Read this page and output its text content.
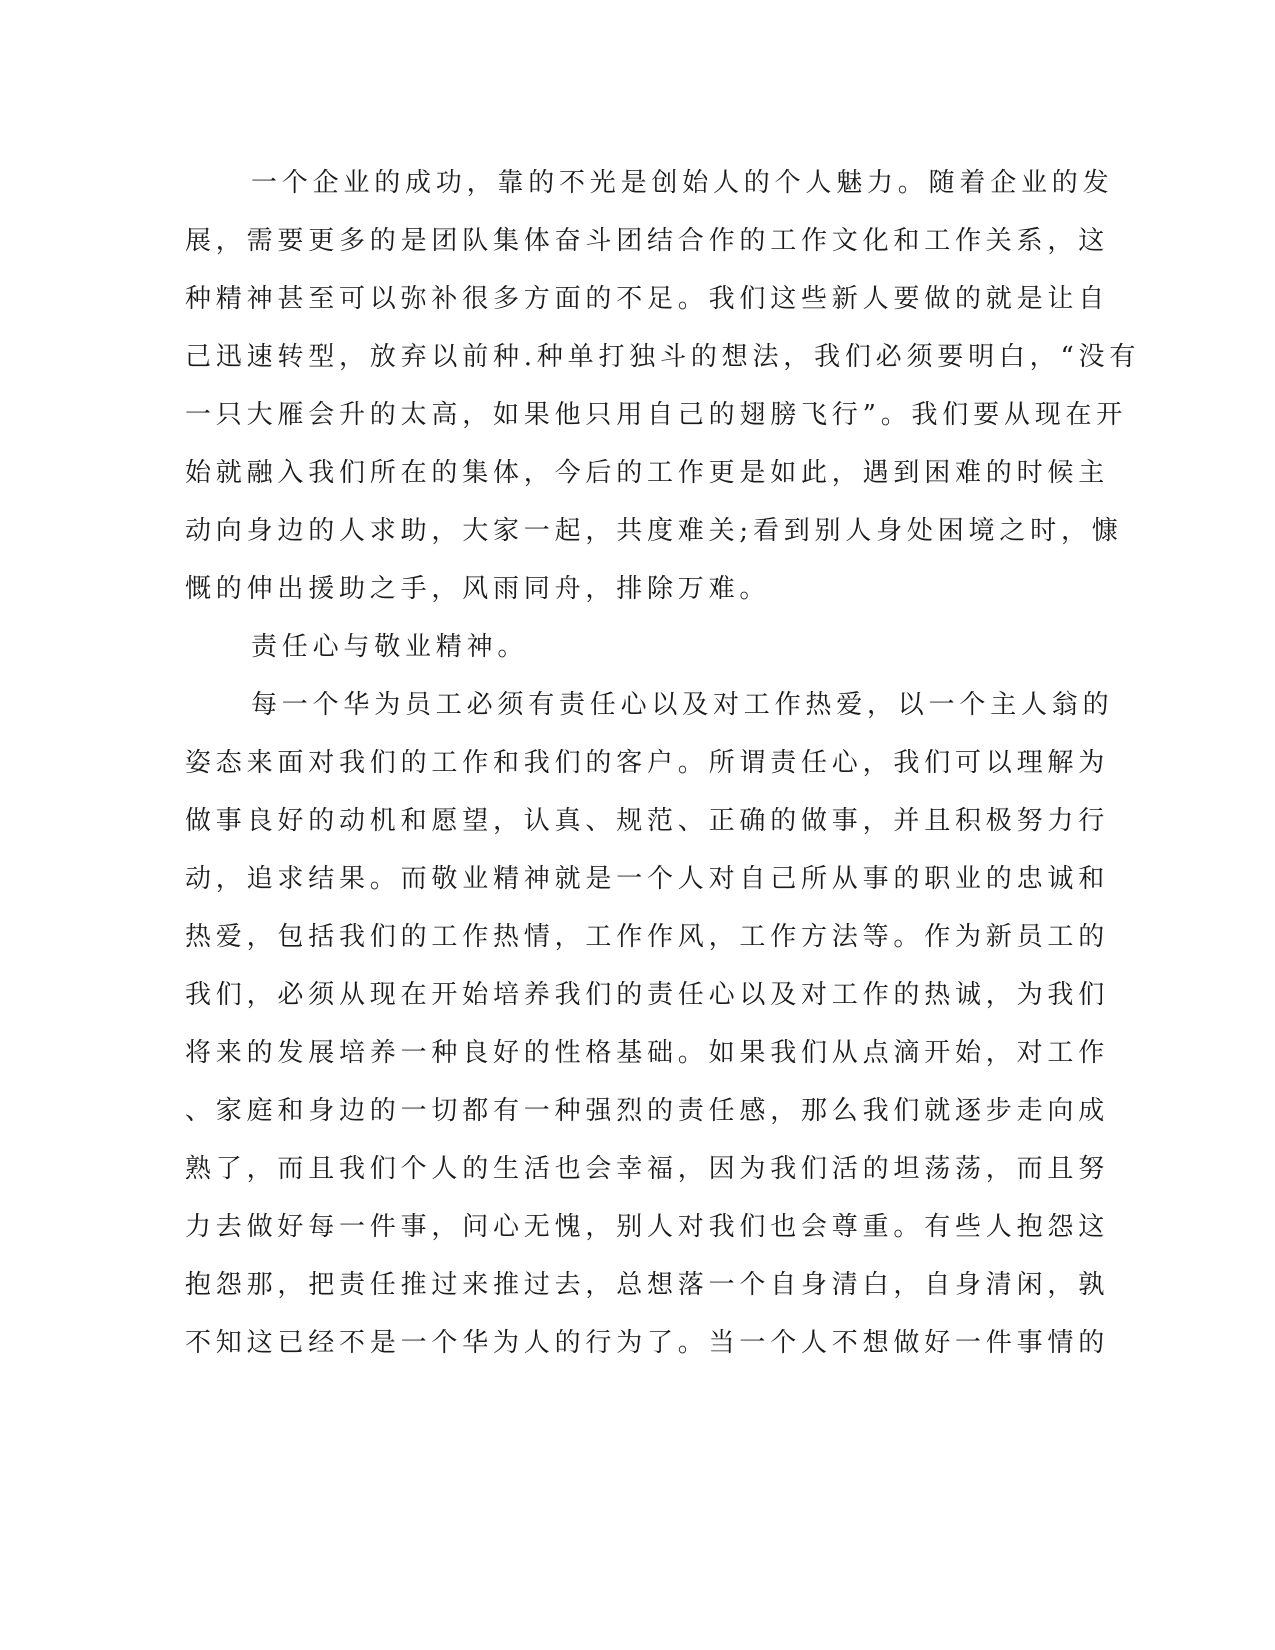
一个企业的成功，靠的不光是创始人的个人魅力。随着企业的发
展，需要更多的是团队集体奋斗团结合作的工作文化和工作关系，这
种精神甚至可以弥补很多方面的不足。我们这些新人要做的就是让自
己迅速转型，放弃以前种.种单打独斗的想法，我们必须要明白，“没有
一只大雁会升的太高，如果他只用自己的翅膀飞行”。我们要从现在开
始就融入我们所在的集体，今后的工作更是如此，遇到困难的时候主
动向身边的人求助，大家一起，共度难关;看到别人身处困境之时，慷
慨的伸出援助之手，风雨同舟，排除万难。
责任心与敬业精神。
每一个华为员工必须有责任心以及对工作热爱，以一个主人翁的
姿态来面对我们的工作和我们的客户。所谓责任心，我们可以理解为
做事良好的动机和愿望，认真、规范、正确的做事，并且积极努力行
动，追求结果。而敬业精神就是一个人对自己所从事的职业的忠诚和
热爱，包括我们的工作热情，工作作风，工作方法等。作为新员工的
我们，必须从现在开始培养我们的责任心以及对工作的热诚，为我们
将来的发展培养一种良好的性格基础。如果我们从点滴开始，对工作
、家庭和身边的一切都有一种强烈的责任感，那么我们就逐步走向成
熟了，而且我们个人的生活也会幸福，因为我们活的坦荡荡，而且努
力去做好每一件事，问心无愧，别人对我们也会尊重。有些人抱怨这
抱怨那，把责任推过来推过去，总想落一个自身清白，自身清闲，孰
不知这已经不是一个华为人的行为了。当一个人不想做好一件事情的
